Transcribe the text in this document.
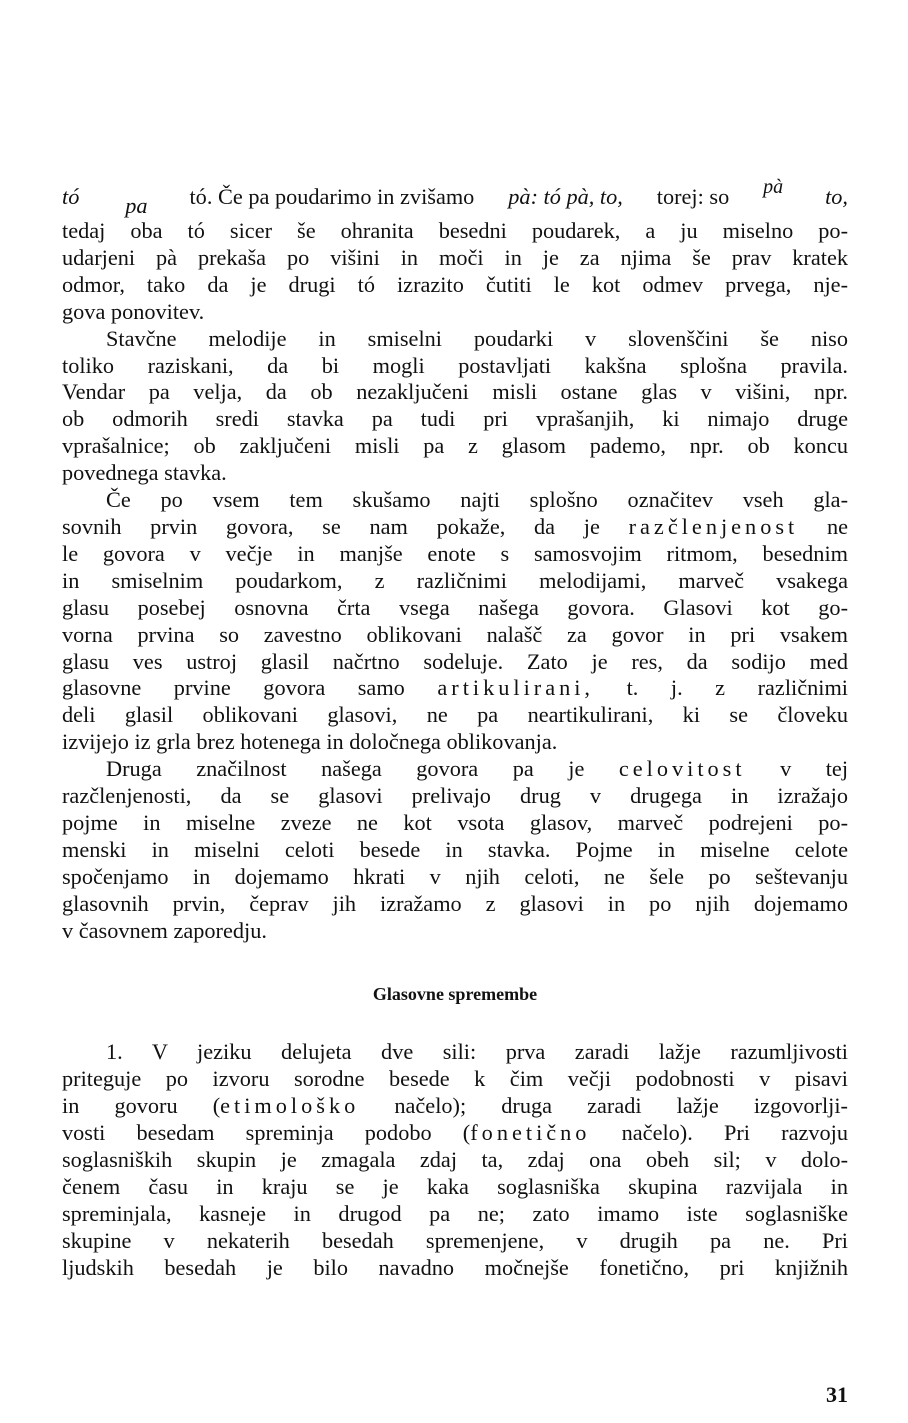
tó pa tó. Če pa poudarimo in zvišamo pà: tó pà, to, torej: so pà to,

tedaj oba tó sicer še ohranita besedni poudarek, a ju miselno po-
udarjeni pà prekaša po višini in moči in je za njima še prav kratek
odmor, tako da je drugi tó izrazito čutiti le kot odmev prvega, nje-
gova ponovitev.

Stavčne melodije in smiselni poudarki v slovenščini še niso
toliko raziskani, da bi mogli postavljati kakšna splošna pravila.
Vendar pa velja, da ob nezaključeni misli ostane glas v višini, npr.
ob odmorih sredi stavka pa tudi pri vprašanjih, ki nimajo druge
vprašalnice; ob zaključeni misli pa z glasom pademo, npr. ob koncu
povednega stavka.

Če po vsem tem skušamo najti splošno označitev vseh gla-
sovnih prvin govora, se nam pokaže, da je razčlenjenost ne
le govora v večje in manjše enote s samosvojim ritmom, besednim
in smiselnim poudarkom, z različnimi melodijami, marveč vsakega
glasu posebej osnovna črta vsega našega govora. Glasovi kot go-
vorna prvina so zavestno oblikovani nalašč za govor in pri vsakem
glasu ves ustroj glasil načrtno sodeluje. Zato je res, da sodijo med
glasovne prvine govora samo artikulirani, t. j. z različnimi
deli glasil oblikovani glasovi, ne pa neartikulirani, ki se človeku
izvijejo iz grla brez hotenega in določnega oblikovanja.

Druga značilnost našega govora pa je celovitost v tej
razčlenjenosti, da se glasovi prelivajo drug v drugega in izražajo
pojme in miselne zveze ne kot vsota glasov, marveč podrejeni po-
menski in miselni celoti besede in stavka. Pojme in miselne celote
spočenjamo in dojemamo hkrati v njih celoti, ne šele po seštevanju
glasovnih prvin, čeprav jih izražamo z glasovi in po njih dojemamo
v časovnem zaporedju.

Glasovne spremembe

1. V jeziku delujeta dve sili: prva zaradi lažje razumljivosti
priteguje po izvoru sorodne besede k čim večji podobnosti v pisavi
in govoru (etimološko načelo); druga zaradi lažje izgovorlji-
vosti besedam spreminja podobo (fonetično načelo). Pri razvoju
soglasniških skupin je zmagala zdaj ta, zdaj ona obeh sil; v dolo-
čenem času in kraju se je kaka soglasniška skupina razvijala in
spreminjala, kasneje in drugod pa ne; zato imamo iste soglasniške
skupine v nekaterih besedah spremenjene, v drugih pa ne. Pri
ljudskih besedah je bilo navadno močnejše fonetično, pri knjižnih

31
